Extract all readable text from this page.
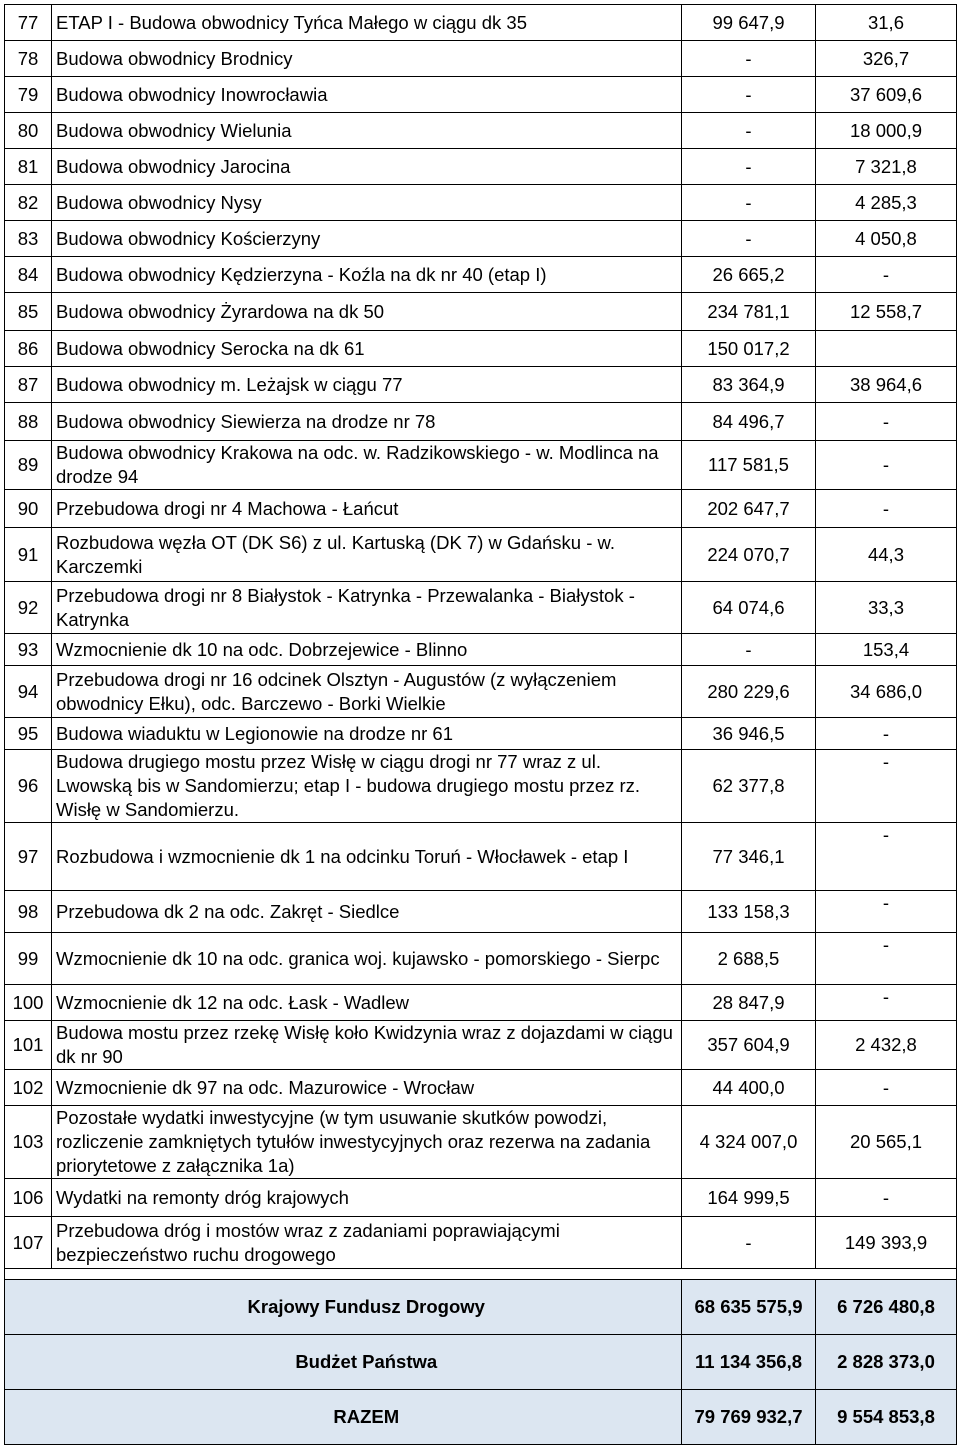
77	ETAP I - Budowa obwodnicy Tyńca Małego w ciągu dk 35	99 647,9	31,6
78	Budowa obwodnicy Brodnicy	-	326,7
79	Budowa obwodnicy Inowrocławia	-	37 609,6
80	Budowa obwodnicy Wielunia	-	18 000,9
81	Budowa obwodnicy Jarocina	-	7 321,8
82	Budowa obwodnicy Nysy	-	4 285,3
83	Budowa obwodnicy Kościerzyny	-	4 050,8
84	Budowa obwodnicy Kędzierzyna - Koźla na dk nr 40 (etap I)	26 665,2	-
85	Budowa obwodnicy Żyrardowa na dk 50	234 781,1	12 558,7
86	Budowa obwodnicy Serocka na dk 61	150 017,2	
87	Budowa obwodnicy m. Leżajsk w ciągu 77	83 364,9	38 964,6
88	Budowa obwodnicy Siewierza na drodze nr 78	84 496,7	-
89	Budowa obwodnicy Krakowa na odc. w. Radzikowskiego - w. Modlinca na drodze 94	117 581,5	-
90	Przebudowa drogi nr 4 Machowa - Łańcut	202 647,7	-
91	Rozbudowa węzła OT (DK S6) z ul. Kartuską (DK 7) w Gdańsku - w. Karczemki	224 070,7	44,3
92	Przebudowa drogi nr 8 Białystok - Katrynka - Przewalanka - Białystok - Katrynka	64 074,6	33,3
93	Wzmocnienie dk 10 na odc. Dobrzejewice - Blinno	-	153,4
94	Przebudowa drogi nr 16 odcinek Olsztyn - Augustów (z wyłączeniem obwodnicy Ełku), odc. Barczewo - Borki Wielkie	280 229,6	34 686,0
95	Budowa wiaduktu w Legionowie na drodze nr 61	36 946,5	-
96	Budowa drugiego mostu przez Wisłę w ciągu drogi nr 77 wraz z ul. Lwowską bis w Sandomierzu; etap I - budowa drugiego mostu przez rz. Wisłę w Sandomierzu.	62 377,8	-
97	Rozbudowa i wzmocnienie dk 1 na odcinku Toruń - Włocławek - etap I	77 346,1	-
98	Przebudowa dk 2 na odc. Zakręt - Siedlce	133 158,3	-
99	Wzmocnienie dk 10 na odc. granica woj. kujawsko - pomorskiego - Sierpc	2 688,5	-
100	Wzmocnienie dk 12 na odc. Łask - Wadlew	28 847,9	-
101	Budowa mostu przez rzekę Wisłę koło Kwidzynia wraz z dojazdami w ciągu dk nr 90	357 604,9	2 432,8
102	Wzmocnienie dk 97 na odc. Mazurowice - Wrocław	44 400,0	-
103	Pozostałe wydatki inwestycyjne (w tym usuwanie skutków powodzi, rozliczenie zamkniętych tytułów inwestycyjnych oraz rezerwa na zadania priorytetowe z załącznika 1a)	4 324 007,0	20 565,1
106	Wydatki na remonty dróg krajowych	164 999,5	-
107	Przebudowa dróg i mostów wraz z zadaniami poprawiającymi bezpieczeństwo ruchu drogowego	-	149 393,9

	Krajowy Fundusz Drogowy	68 635 575,9	6 726 480,8
	Budżet Państwa	11 134 356,8	2 828 373,0
	RAZEM	79 769 932,7	9 554 853,8
